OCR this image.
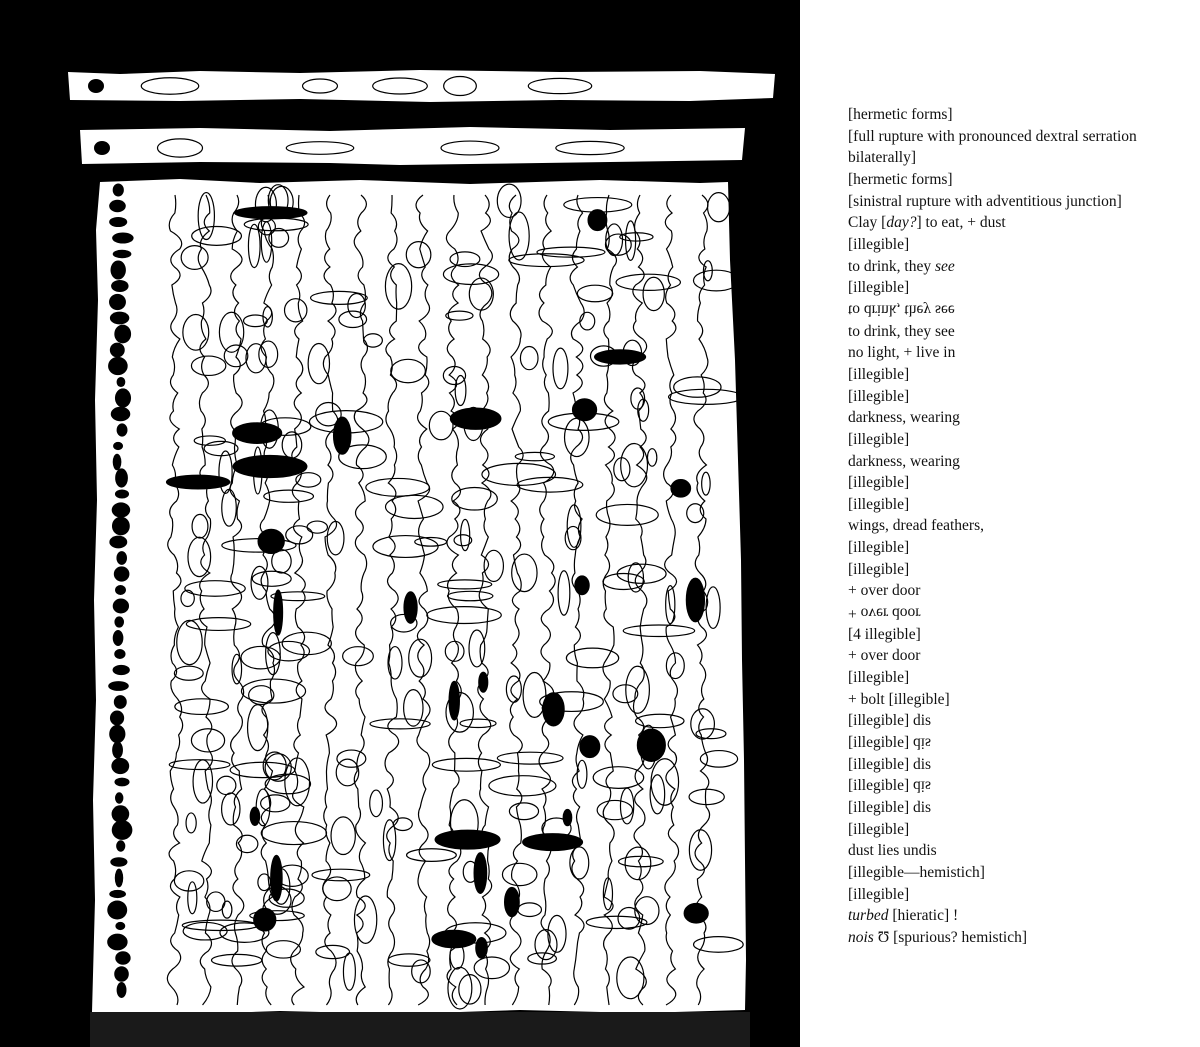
[hermetic forms]
[full rupture with pronounced dextral serration bilaterally]
[hermetic forms]
[sinistral rupture with adventitious junction]
Clay [day?] to eat, + dust
[illegible]
to drink, they see
[illegible]
to drink, they see
to drink, they see
no light, + live in
[illegible]
[illegible]
darkness, wearing
[illegible]
darkness, wearing
[illegible]
[illegible]
wings, dread feathers,
[illegible]
[illegible]
+ over door
+ over door
[4 illegible]
+ over door
[illegible]
+ bolt [illegible]
[illegible] dis
[illegible] dis
[illegible] dis
[illegible] dis
[illegible] dis
[illegible]
dust lies undis
[illegible—hemistich]
[illegible]
turbed [hieratic] !
nois Ʊ [spurious? hemistich]
